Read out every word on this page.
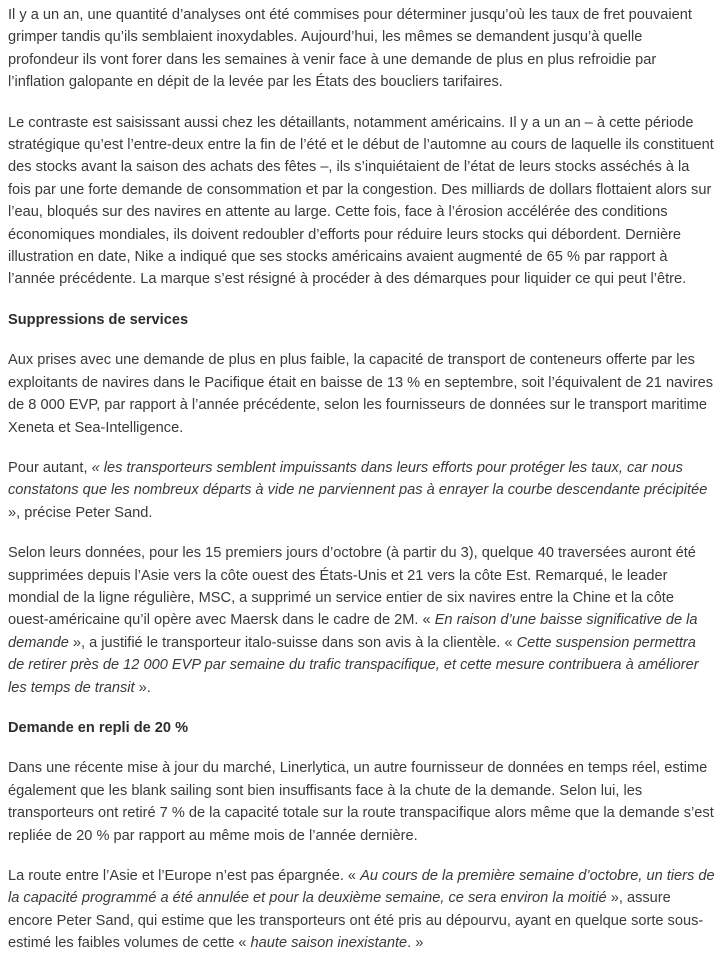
Il y a un an, une quantité d’analyses ont été commises pour déterminer jusqu’où les taux de fret pouvaient grimper tandis qu’ils semblaient inoxydables. Aujourd’hui, les mêmes se demandent jusqu’à quelle profondeur ils vont forer dans les semaines à venir face à une demande de plus en plus refroidie par l’inflation galopante en dépit de la levée par les États des boucliers tarifaires.

Le contraste est saisissant aussi chez les détaillants, notamment américains. Il y a un an – à cette période stratégique qu’est l’entre-deux entre la fin de l’été et le début de l’automne au cours de laquelle ils constituent des stocks avant la saison des achats des fêtes –, ils s’inquiétaient de l’état de leurs stocks asséchés à la fois par une forte demande de consommation et par la congestion. Des milliards de dollars flottaient alors sur l’eau, bloqués sur des navires en attente au large. Cette fois, face à l’érosion accélérée des conditions économiques mondiales, ils doivent redoubler d’efforts pour réduire leurs stocks qui débordent. Dernière illustration en date, Nike a indiqué que ses stocks américains avaient augmenté de 65 % par rapport à l’année précédente. La marque s’est résigné à procéder à des démarques pour liquider ce qui peut l’être.

Suppressions de services

Aux prises avec une demande de plus en plus faible, la capacité de transport de conteneurs offerte par les exploitants de navires dans le Pacifique était en baisse de 13 % en septembre, soit l’équivalent de 21 navires de 8 000 EVP, par rapport à l’année précédente, selon les fournisseurs de données sur le transport maritime Xeneta et Sea-Intelligence.

Pour autant, « les transporteurs semblent impuissants dans leurs efforts pour protéger les taux, car nous constatons que les nombreux départs à vide ne parviennent pas à enrayer la courbe descendante précipitée », précise Peter Sand.

Selon leurs données, pour les 15 premiers jours d’octobre (à partir du 3), quelque 40 traversées auront été supprimées depuis l’Asie vers la côte ouest des États-Unis et 21 vers la côte Est. Remarqué, le leader mondial de la ligne régulière, MSC, a supprimé un service entier de six navires entre la Chine et la côte ouest-américaine qu’il opère avec Maersk dans le cadre de 2M. « En raison d’une baisse significative de la demande », a justifié le transporteur italo-suisse dans son avis à la clientèle. « Cette suspension permettra de retirer près de 12 000 EVP par semaine du trafic transpacifique, et cette mesure contribuera à améliorer les temps de transit ».

Demande en repli de 20 %

Dans une récente mise à jour du marché, Linerlytica, un autre fournisseur de données en temps réel, estime également que les blank sailing sont bien insuffisants face à la chute de la demande. Selon lui, les transporteurs ont retiré 7 % de la capacité totale sur la route transpacifique alors même que la demande s’est repliée de 20 % par rapport au même mois de l’année dernière.

La route entre l’Asie et l’Europe n’est pas épargnée. « Au cours de la première semaine d’octobre, un tiers de la capacité programmé a été annulée et pour la deuxième semaine, ce sera environ la moitié », assure encore Peter Sand, qui estime que les transporteurs ont été pris au dépourvu, ayant en quelque sorte sous-estimé les faibles volumes de cette « haute saison inexistante. »
